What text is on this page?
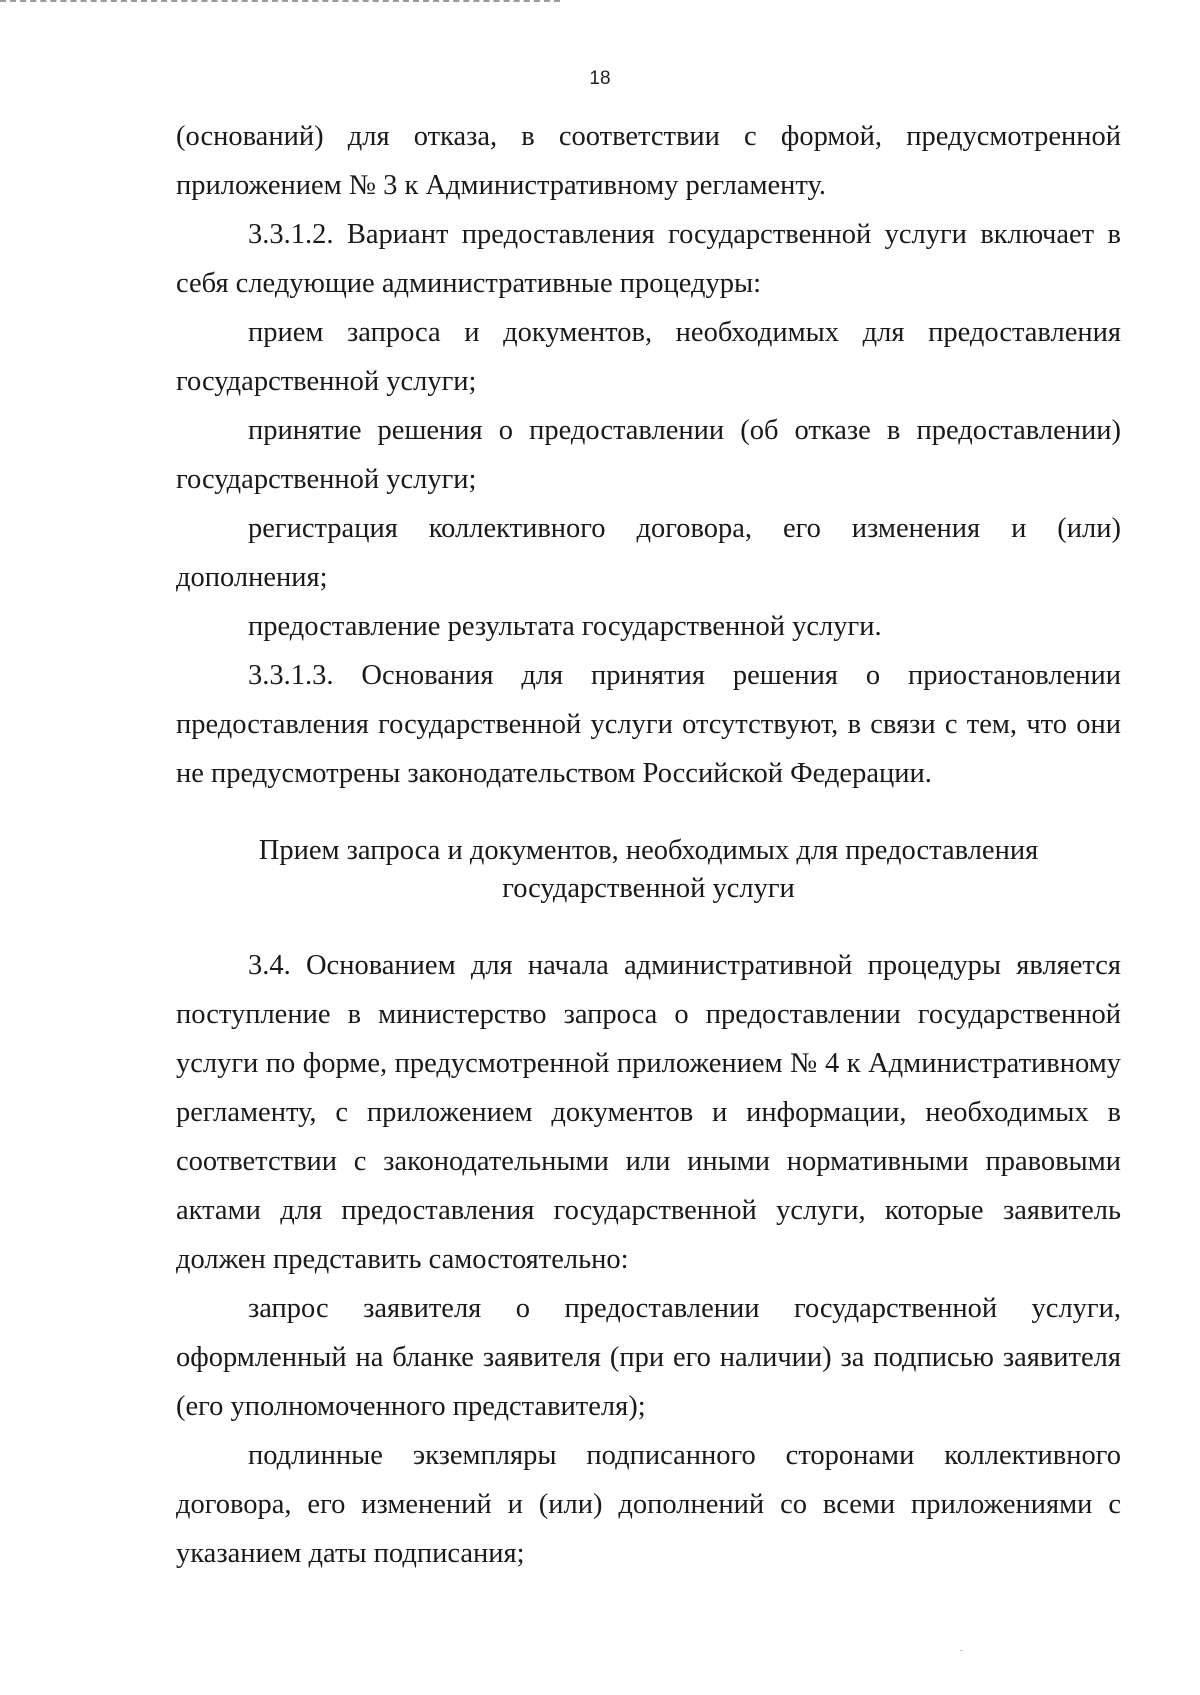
18

(оснований) для отказа, в соответствии с формой, предусмотренной приложением № 3 к Административному регламенту.

3.3.1.2. Вариант предоставления государственной услуги включает в себя следующие административные процедуры:

прием запроса и документов, необходимых для предоставления государственной услуги;

принятие решения о предоставлении (об отказе в предоставлении) государственной услуги;

регистрация коллективного договора, его изменения и (или) дополнения;

предоставление результата государственной услуги.

3.3.1.3. Основания для принятия решения о приостановлении предоставления государственной услуги отсутствуют, в связи с тем, что они не предусмотрены законодательством Российской Федерации.

Прием запроса и документов, необходимых для предоставления
государственной услуги

3.4. Основанием для начала административной процедуры является поступление в министерство запроса о предоставлении государственной услуги по форме, предусмотренной приложением № 4 к Административному регламенту, с приложением документов и информации, необходимых в соответствии с законодательными или иными нормативными правовыми актами для предоставления государственной услуги, которые заявитель должен представить самостоятельно:

запрос заявителя о предоставлении государственной услуги, оформленный на бланке заявителя (при его наличии) за подписью заявителя (его уполномоченного представителя);

подлинные экземпляры подписанного сторонами коллективного договора, его изменений и (или) дополнений со всеми приложениями с указанием даты подписания;
